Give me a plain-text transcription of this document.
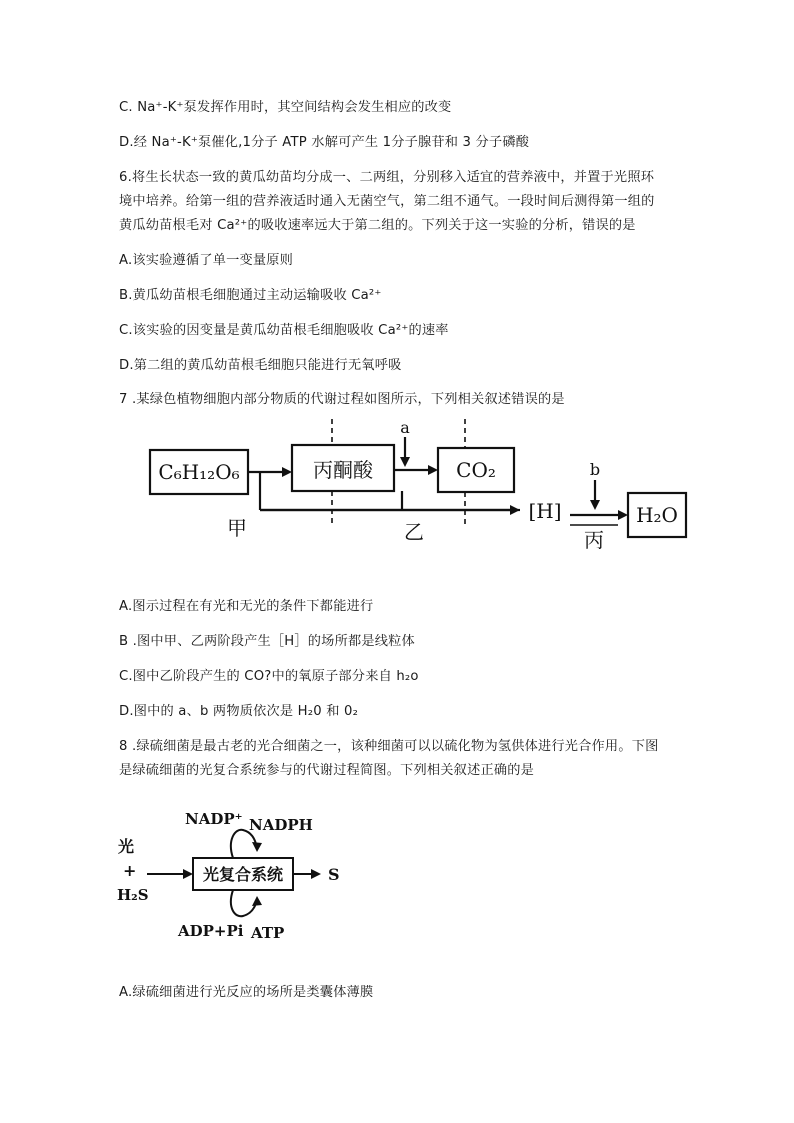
C. Na⁺-K⁺泵发挥作用时，其空间结构会发生相应的改变
D.经 Na⁺-K⁺泵催化,1分子 ATP 水解可产生 1分子腺苷和 3 分子磷酸
6.将生长状态一致的黄瓜幼苗均分成一、二两组，分别移入适宜的营养液中，并置于光照环
境中培养。给第一组的营养液适时通入无菌空气，第二组不通气。一段时间后测得第一组的
黄瓜幼苗根毛对 Ca²⁺的吸收速率远大于第二组的。下列关于这一实验的分析，错误的是
A.该实验遵循了单一变量原则
B.黄瓜幼苗根毛细胞通过主动运输吸收 Ca²⁺
C.该实验的因变量是黄瓜幼苗根毛细胞吸收 Ca²⁺的速率
D.第二组的黄瓜幼苗根毛细胞只能进行无氧呼吸
7 .某绿色植物细胞内部分物质的代谢过程如图所示，下列相关叙述错误的是
C₆H₁₂O₆	丙酮酸	CO₂
[H]	H₂O
a
b
甲	乙	丙
A.图示过程在有光和无光的条件下都能进行
B .图中甲、乙两阶段产生［H］的场所都是线粒体
C.图中乙阶段产生的 CO?中的氧原子部分来自 h₂o
D.图中的 a、b 两物质依次是 H₂0 和 0₂
8 .绿硫细菌是最古老的光合细菌之一，该种细菌可以以硫化物为氢供体进行光合作用。下图
是绿硫细菌的光复合系统参与的代谢过程简图。下列相关叙述正确的是
NADP⁺ NADPH
光
+
H₂S
光复合系统	S
ADP+Pi ATP
A.绿硫细菌进行光反应的场所是类囊体薄膜
